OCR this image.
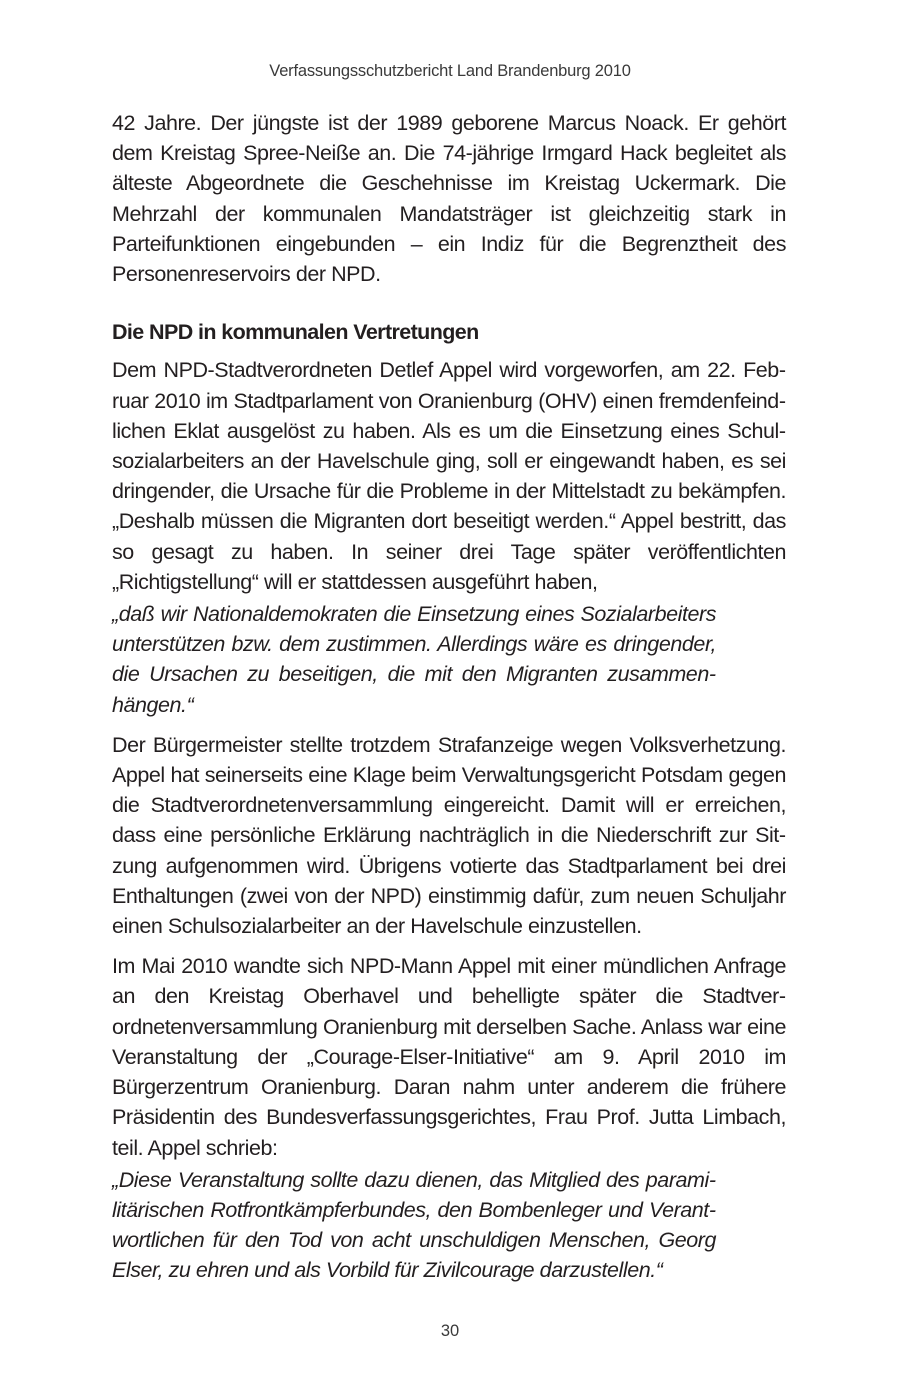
Verfassungsschutzbericht Land Brandenburg 2010

42 Jahre. Der jüngste ist der 1989 geborene Marcus Noack. Er gehört dem Kreistag Spree-Neiße an. Die 74-jährige Irmgard Hack begleitet als älteste Abgeordnete die Geschehnisse im Kreistag Uckermark. Die Mehrzahl der kommunalen Mandatsträger ist gleichzeitig stark in Parteifunktionen eingebunden – ein Indiz für die Begrenztheit des Personenreservoirs der NPD.

Die NPD in kommunalen Vertretungen

Dem NPD-Stadtverordneten Detlef Appel wird vorgeworfen, am 22. Februar 2010 im Stadtparlament von Oranienburg (OHV) einen fremdenfeindlichen Eklat ausgelöst zu haben. Als es um die Einsetzung eines Schulsozialarbeiters an der Havelschule ging, soll er eingewandt haben, es sei dringender, die Ursache für die Probleme in der Mittelstadt zu bekämpfen. „Deshalb müssen die Migranten dort beseitigt werden.“ Appel bestritt, das so gesagt zu haben. In seiner drei Tage später veröffentlichten „Richtigstellung“ will er stattdessen ausgeführt haben,

„daß wir Nationaldemokraten die Einsetzung eines Sozialarbeiters unterstützen bzw. dem zustimmen. Allerdings wäre es dringender, die Ursachen zu beseitigen, die mit den Migranten zusammenhängen.“

Der Bürgermeister stellte trotzdem Strafanzeige wegen Volksverhetzung. Appel hat seinerseits eine Klage beim Verwaltungsgericht Potsdam gegen die Stadtverordnetenversammlung eingereicht. Damit will er erreichen, dass eine persönliche Erklärung nachträglich in die Niederschrift zur Sitzung aufgenommen wird. Übrigens votierte das Stadtparlament bei drei Enthaltungen (zwei von der NPD) einstimmig dafür, zum neuen Schuljahr einen Schulsozialarbeiter an der Havelschule einzustellen.

Im Mai 2010 wandte sich NPD-Mann Appel mit einer mündlichen Anfrage an den Kreistag Oberhavel und behelligte später die Stadtverordnetenversammlung Oranienburg mit derselben Sache. Anlass war eine Veranstaltung der „Courage-Elser-Initiative“ am 9. April 2010 im Bürgerzentrum Oranienburg. Daran nahm unter anderem die frühere Präsidentin des Bundesverfassungsgerichtes, Frau Prof. Jutta Limbach, teil. Appel schrieb:

„Diese Veranstaltung sollte dazu dienen, das Mitglied des paramilitärischen Rotfrontkämpferbundes, den Bombenleger und Verantwortlichen für den Tod von acht unschuldigen Menschen, Georg Elser, zu ehren und als Vorbild für Zivilcourage darzustellen.“

30
